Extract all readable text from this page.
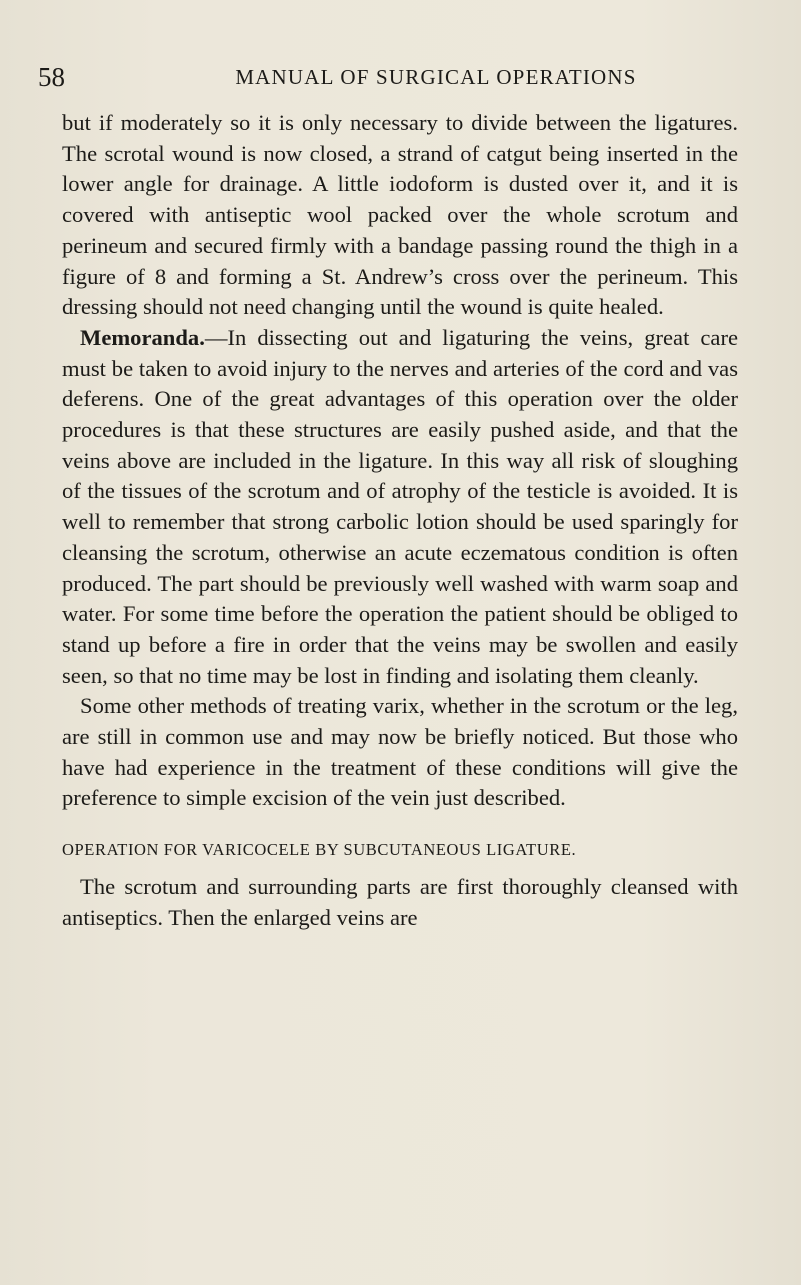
58	MANUAL OF SURGICAL OPERATIONS

but if moderately so it is only necessary to divide between the ligatures. The scrotal wound is now closed, a strand of catgut being inserted in the lower angle for drainage. A little iodoform is dusted over it, and it is covered with antiseptic wool packed over the whole scrotum and perineum and secured firmly with a bandage passing round the thigh in a figure of 8 and forming a St. Andrew’s cross over the perineum. This dressing should not need changing until the wound is quite healed.

Memoranda.—In dissecting out and ligaturing the veins, great care must be taken to avoid injury to the nerves and arteries of the cord and vas deferens. One of the great advantages of this operation over the older procedures is that these structures are easily pushed aside, and that the veins above are included in the ligature. In this way all risk of sloughing of the tissues of the scrotum and of atrophy of the testicle is avoided. It is well to remember that strong carbolic lotion should be used sparingly for cleansing the scrotum, otherwise an acute eczematous condition is often produced. The part should be previously well washed with warm soap and water. For some time before the operation the patient should be obliged to stand up before a fire in order that the veins may be swollen and easily seen, so that no time may be lost in finding and isolating them cleanly.

Some other methods of treating varix, whether in the scrotum or the leg, are still in common use and may now be briefly noticed. But those who have had experience in the treatment of these conditions will give the preference to simple excision of the vein just described.

OPERATION FOR VARICOCELE BY SUBCUTANEOUS LIGATURE.

The scrotum and surrounding parts are first thoroughly cleansed with antiseptics. Then the enlarged veins are
